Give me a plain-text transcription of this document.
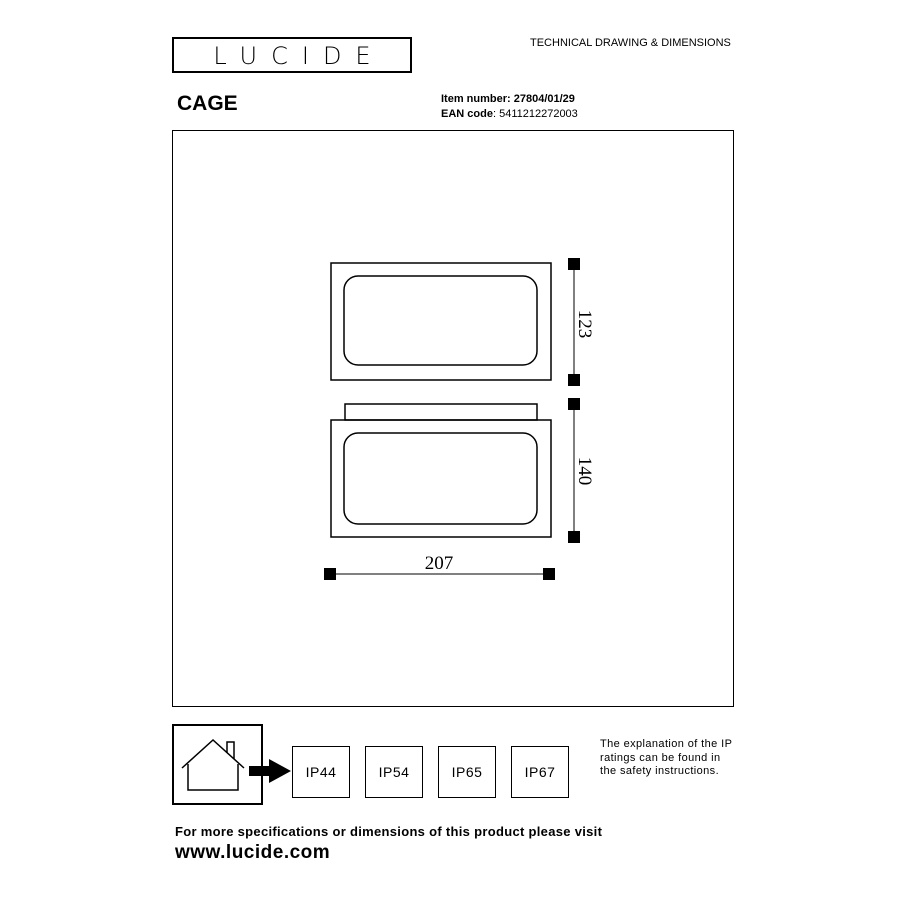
LUCIDE	TECHNICAL DRAWING & DIMENSIONS
CAGE	Item number: 27804/01/29
EAN code: 5411212272003
123
140
207
IP44	IP54	IP65	IP67
The explanation of the IP ratings can be found in the safety instructions.
For more specifications or dimensions of this product please visit
www.lucide.com
